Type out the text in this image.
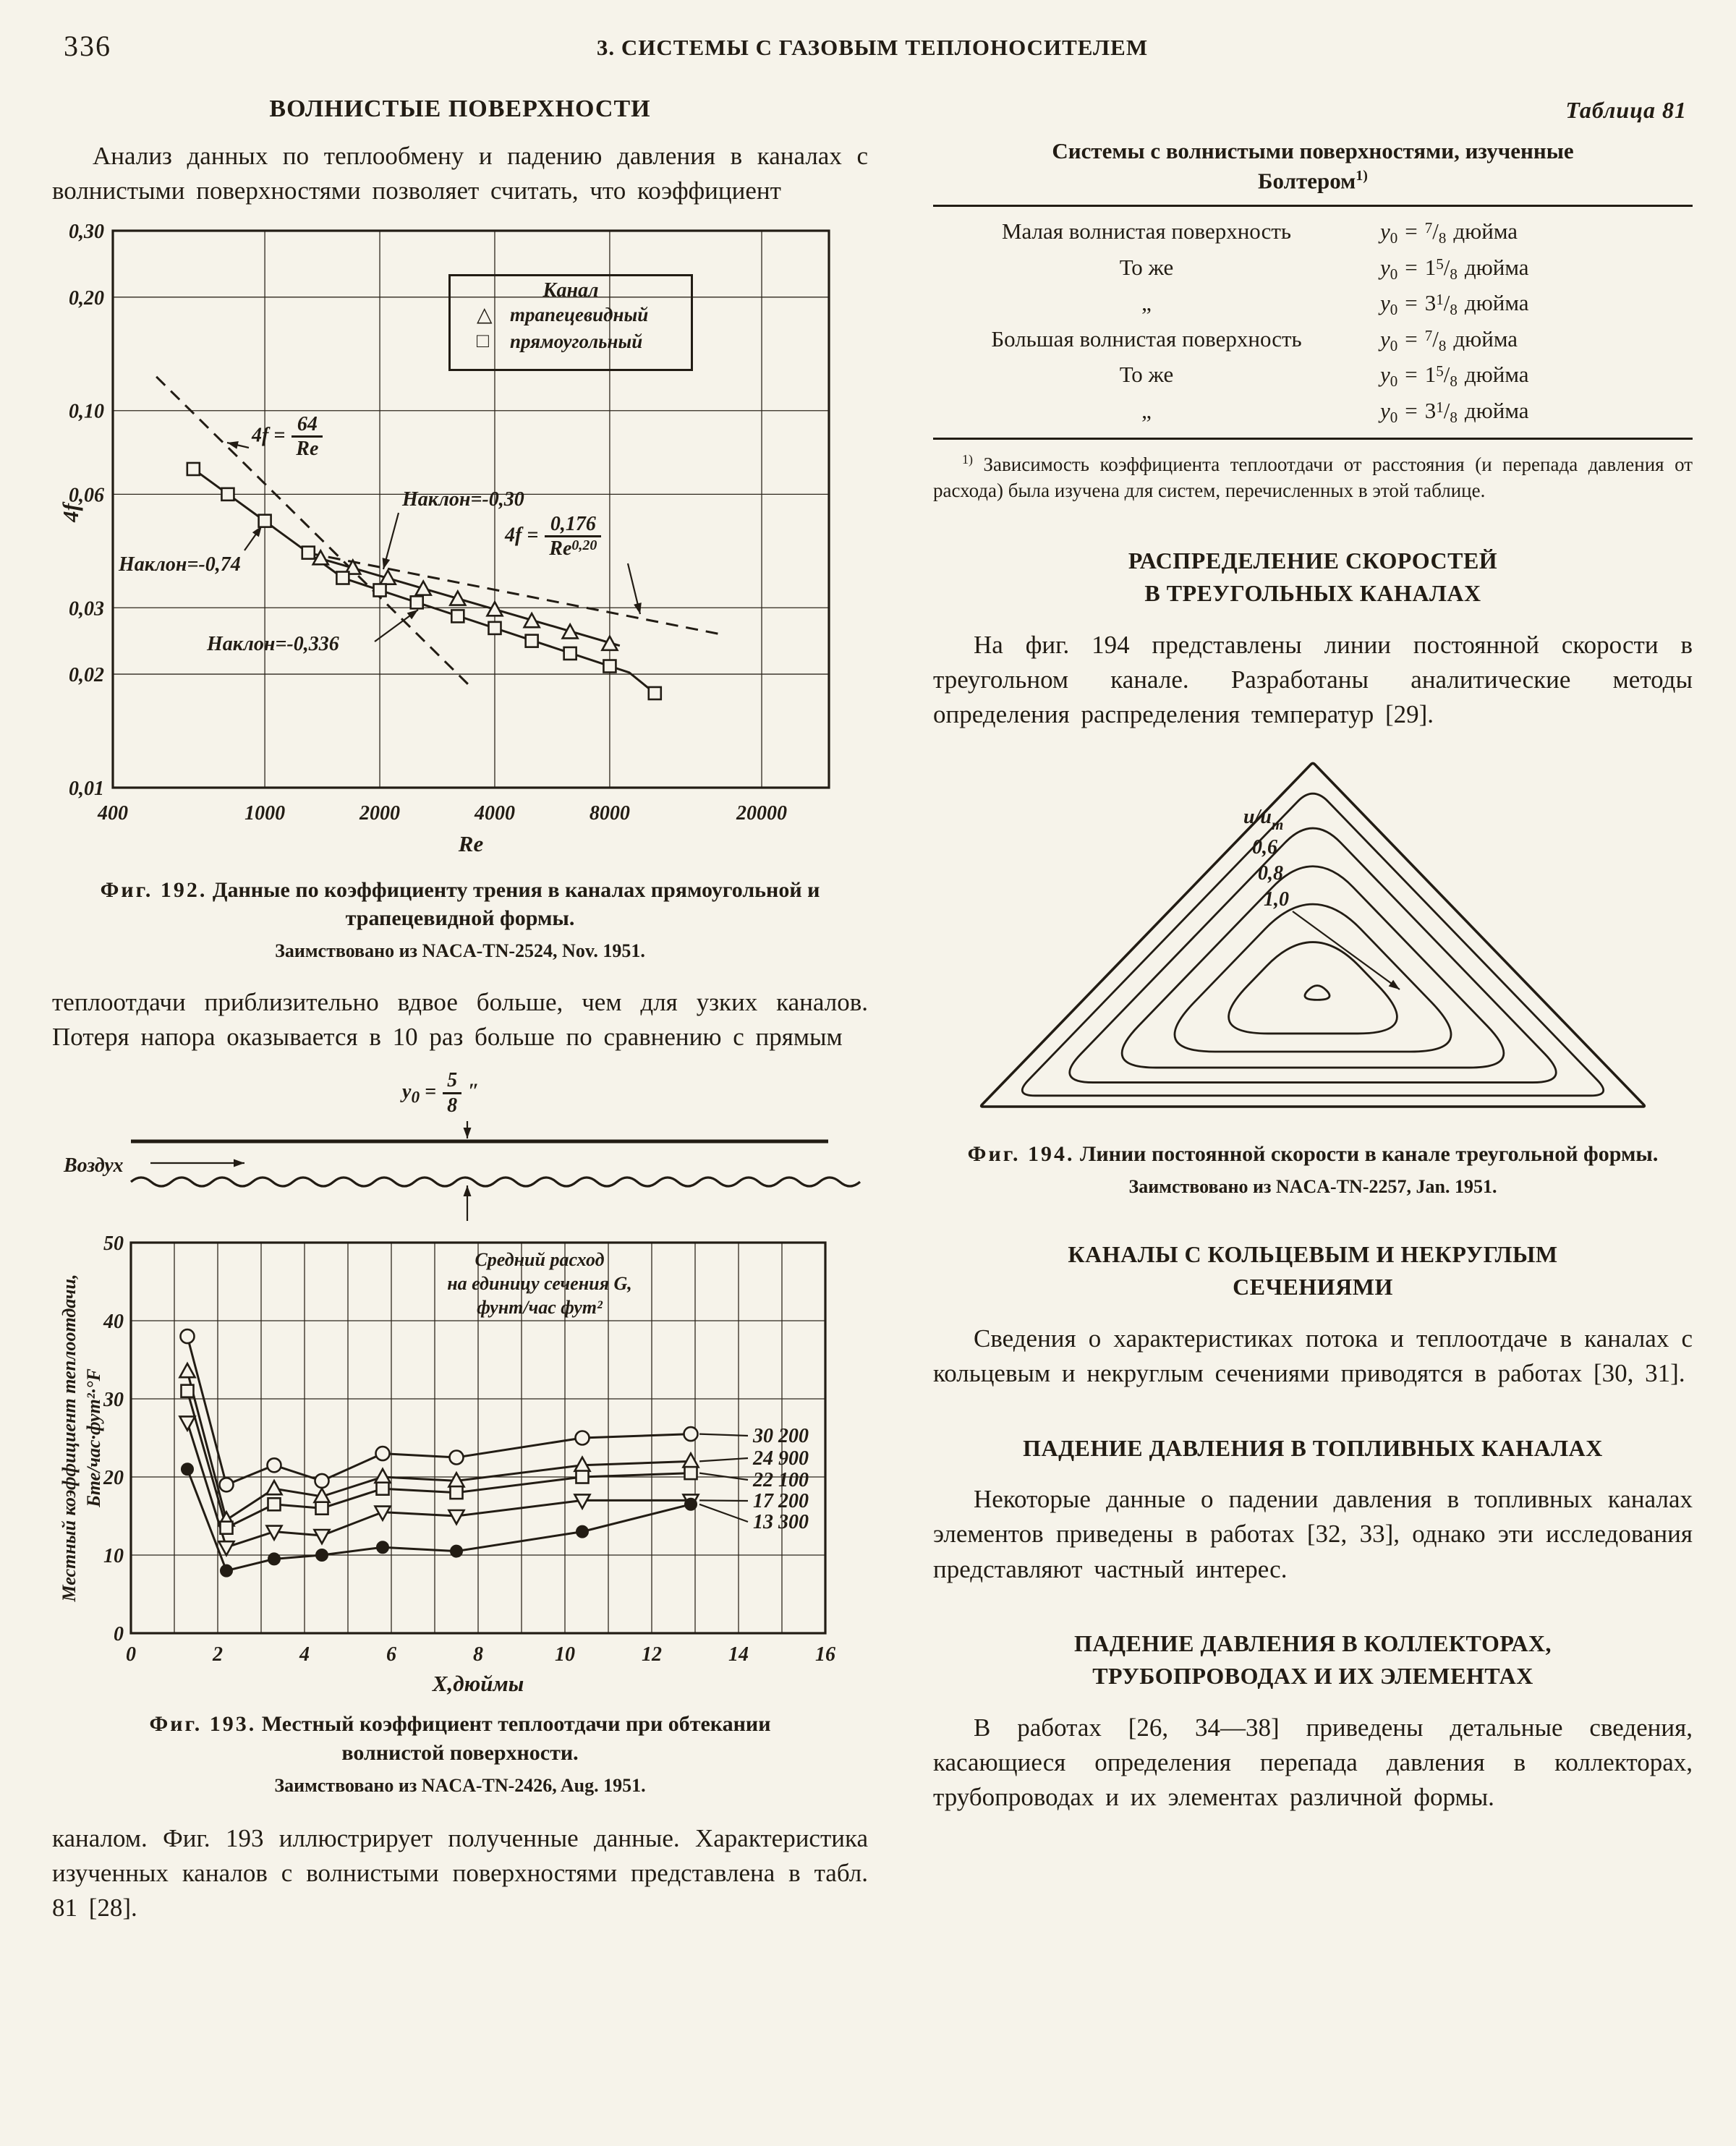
336	3. СИСТЕМЫ С ГАЗОВЫМ ТЕПЛОНОСИТЕЛЕМ
ВОЛНИСТЫЕ ПОВЕРХНОСТИ

Анализ данных по теплообмену и падению давления в каналах с волнистыми поверхностями позволяет считать, что коэффициент

0,30
0,20
0,10
0,06
0,03
0,02
0,01
400	1000	2000	4000	8000	20000
Re
4f
Наклон=-0,30
Наклон=-0,74
Наклон=-0,336
$4f = \frac{64}{Re}$
$4f = \frac{0,176}{Re^{0,20}}$
Канал
△ трапецевидный
□	прямоугольный
Фиг. 192. Данные по коэффициенту трения в каналах прямоугольной и трапецевидной формы.
Заимствовано из NACA-TN-2524, Nov. 1951.

теплоотдачи приблизительно вдвое больше, чем для узких каналов. Потеря напора оказывается в 10 раз больше по сравнению с прямым

$y_0 = \frac{5}{8}$ ″
Воздух
0
10
20
30
40
50
0	2	4	6	8	10	12	14	16
Х,дюймы
Местный коэффициент теплоотдачи, Бте/час·фут²·°F
Средний расход
на единицу сечения G,
фунт/час фут²
30 200
24 900
22 100
17 200
13 300
Фиг. 193. Местный коэффициент теплоотдачи при обтекании волнистой поверхности.
Заимствовано из NACA-TN-2426, Aug. 1951.

каналом. Фиг. 193 иллюстрирует полученные данные. Характеристика изученных каналов с волнистыми поверхностями представлена в табл. 81 [28].

Таблица 81
Системы с волнистыми поверхностями, изученные
Болтером$^{1)}$
Малая волнистая поверхность	$y_0 = ^7/_8$ дюйма
То же	$y_0 = 1^5/_8$ дюйма
„	$y_0 = 3^1/_8$ дюйма
Большая волнистая поверхность	$y_0 = ^7/_8$ дюйма
То же	$y_0 = 1^5/_8$ дюйма
„	$y_0 = 3^1/_8$ дюйма

$^{1)}$ Зависимость коэффициента теплоотдачи от расстояния (и перепада давления от расхода) была изучена для систем, перечисленных в этой таблице.

РАСПРЕДЕЛЕНИЕ СКОРОСТЕЙ
В ТРЕУГОЛЬНЫХ КАНАЛАХ

На фиг. 194 представлены линии постоянной скорости в треугольном канале. Разработаны аналитические методы определения распределения температур [29].

$u/u_m$
0,6
0,8
1,0
Фиг. 194. Линии постоянной скорости в канале треугольной формы.
Заимствовано из NACA-TN-2257, Jan. 1951.
КАНАЛЫ С КОЛЬЦЕВЫМ И НЕКРУГЛЫМ
СЕЧЕНИЯМИ

Сведения о характеристиках потока и теплоотдаче в каналах с кольцевым и некруглым сечениями приводятся в работах [30, 31].

ПАДЕНИЕ ДАВЛЕНИЯ В ТОПЛИВНЫХ КАНАЛАХ

Некоторые данные о падении давления в топливных каналах элементов приведены в работах [32, 33], однако эти исследования представляют частный интерес.

ПАДЕНИЕ ДАВЛЕНИЯ В КОЛЛЕКТОРАХ,
ТРУБОПРОВОДАХ И ИХ ЭЛЕМЕНТАХ

В работах [26, 34—38] приведены детальные сведения, касающиеся определения перепада давления в коллекторах, трубопроводах и их элементах различной формы.
